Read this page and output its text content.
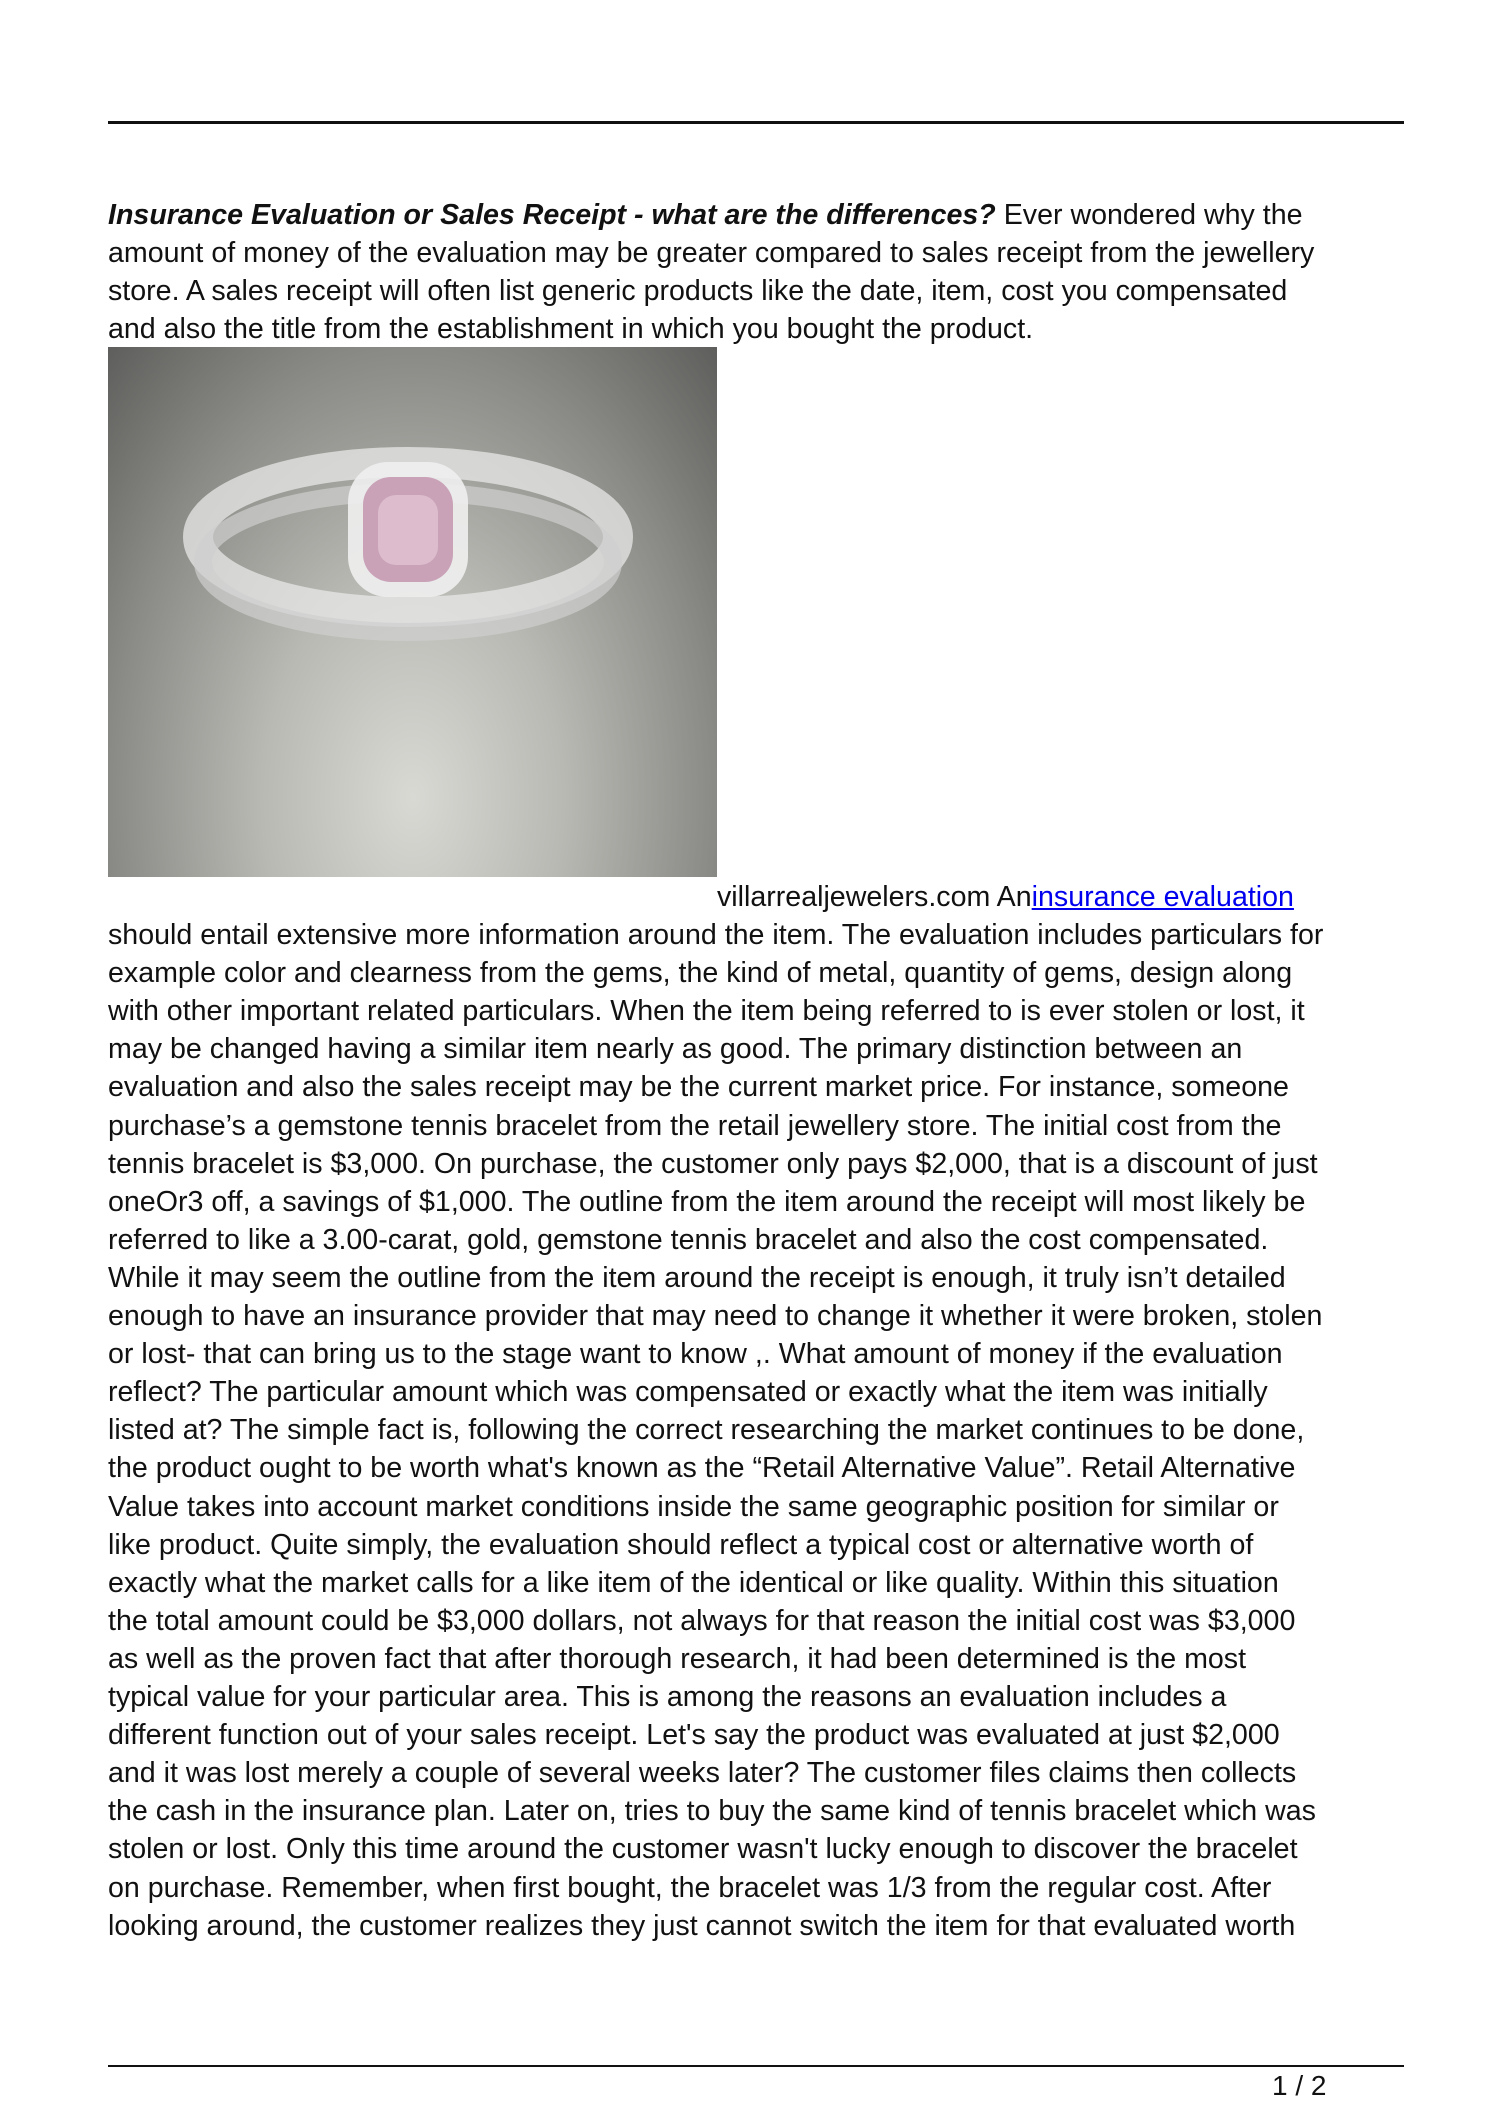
Insurance Evaluation or Sales Receipt - what are the differences? Ever wondered why the
amount of money of the evaluation may be greater compared to sales receipt from the jewellery
store. A sales receipt will often list generic products like the date, item, cost you compensated
and also the title from the establishment in which you bought the product.
villarrealjewelers.com Aninsurance evaluation
should entail extensive more information around the item. The evaluation includes particulars for
example color and clearness from the gems, the kind of metal, quantity of gems, design along
with other important related particulars. When the item being referred to is ever stolen or lost, it
may be changed having a similar item nearly as good. The primary distinction between an
evaluation and also the sales receipt may be the current market price. For instance, someone
purchase’s a gemstone tennis bracelet from the retail jewellery store. The initial cost from the
tennis bracelet is $3,000. On purchase, the customer only pays $2,000, that is a discount of just
oneOr3 off, a savings of $1,000. The outline from the item around the receipt will most likely be
referred to like a 3.00-carat, gold, gemstone tennis bracelet and also the cost compensated.
While it may seem the outline from the item around the receipt is enough, it truly isn’t detailed
enough to have an insurance provider that may need to change it whether it were broken, stolen
or lost- that can bring us to the stage want to know ,. What amount of money if the evaluation
reflect? The particular amount which was compensated or exactly what the item was initially
listed at? The simple fact is, following the correct researching the market continues to be done,
the product ought to be worth what's known as the “Retail Alternative Value”. Retail Alternative
Value takes into account market conditions inside the same geographic position for similar or
like product. Quite simply, the evaluation should reflect a typical cost or alternative worth of
exactly what the market calls for a like item of the identical or like quality. Within this situation
the total amount could be $3,000 dollars, not always for that reason the initial cost was $3,000
as well as the proven fact that after thorough research, it had been determined is the most
typical value for your particular area. This is among the reasons an evaluation includes a
different function out of your sales receipt. Let's say the product was evaluated at just $2,000
and it was lost merely a couple of several weeks later? The customer files claims then collects
the cash in the insurance plan. Later on, tries to buy the same kind of tennis bracelet which was
stolen or lost. Only this time around the customer wasn't lucky enough to discover the bracelet
on purchase. Remember, when first bought, the bracelet was 1/3 from the regular cost. After
looking around, the customer realizes they just cannot switch the item for that evaluated worth
1 / 2
